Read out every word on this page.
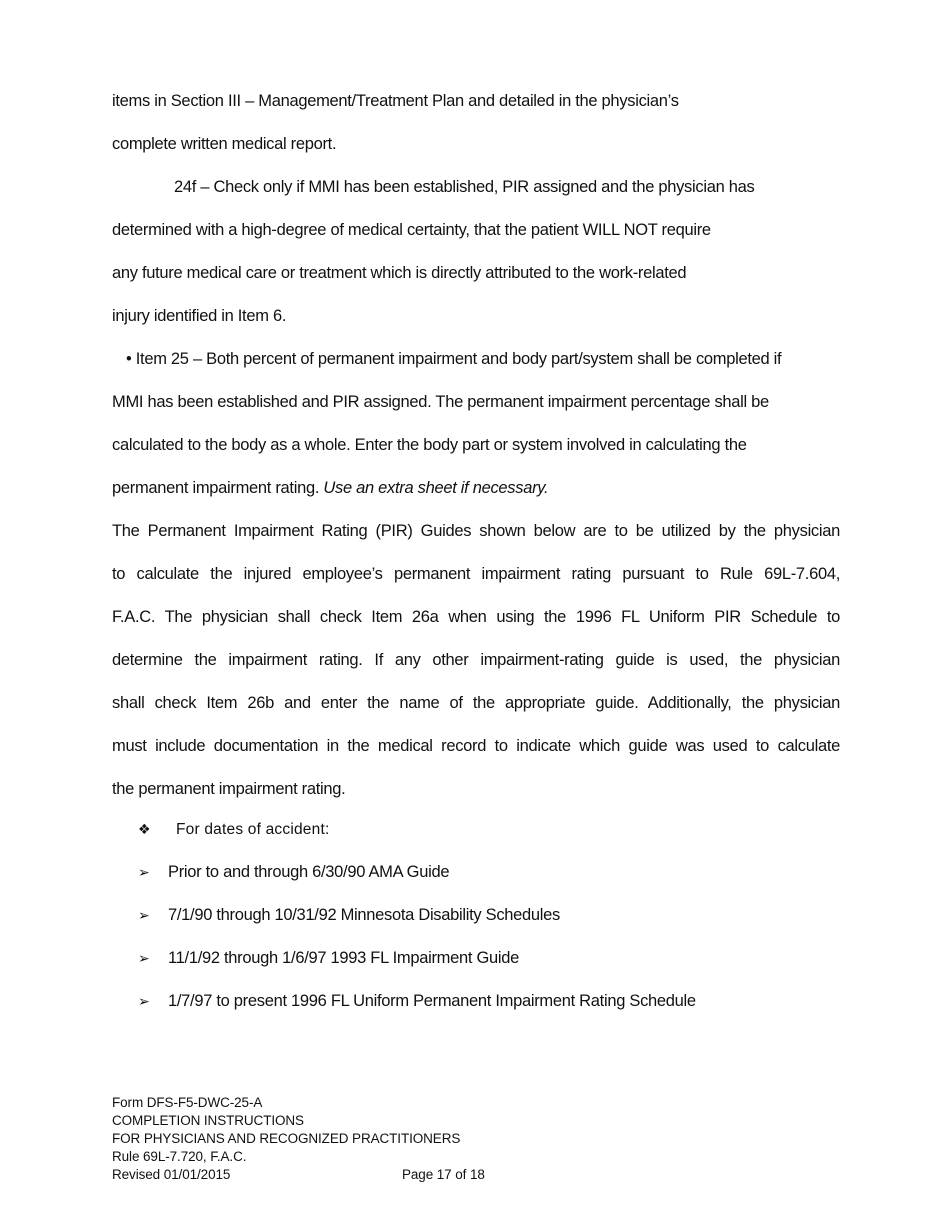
items in Section III – Management/Treatment Plan and detailed in the physician’s
complete written medical report.
24f – Check only if MMI has been established, PIR assigned and the physician has
determined with a high-degree of medical certainty, that the patient WILL NOT require
any future medical care or treatment which is directly attributed to the work-related
injury identified in Item 6.
• Item 25 – Both percent of permanent impairment and body part/system shall be completed if
MMI has been established and PIR assigned. The permanent impairment percentage shall be
calculated to the body as a whole. Enter the body part or system involved in calculating the
permanent impairment rating. Use an extra sheet if necessary.
The Permanent Impairment Rating (PIR) Guides shown below are to be utilized by the physician
to calculate the injured employee’s permanent impairment rating pursuant to Rule 69L-7.604,
F.A.C. The physician shall check Item 26a when using the 1996 FL Uniform PIR Schedule to
determine the impairment rating. If any other impairment-rating guide is used, the physician
shall check Item 26b and enter the name of the appropriate guide. Additionally, the physician
must include documentation in the medical record to indicate which guide was used to calculate
the permanent impairment rating.
❖	For dates of accident:
➢	Prior to and through 6/30/90 AMA Guide
➢	7/1/90 through 10/31/92 Minnesota Disability Schedules
➢	11/1/92 through 1/6/97 1993 FL Impairment Guide
➢	1/7/97 to present 1996 FL Uniform Permanent Impairment Rating Schedule
Form DFS-F5-DWC-25-A
COMPLETION INSTRUCTIONS
FOR PHYSICIANS AND RECOGNIZED PRACTITIONERS
Rule 69L-7.720, F.A.C.
Revised 01/01/2015	Page 17 of 18
